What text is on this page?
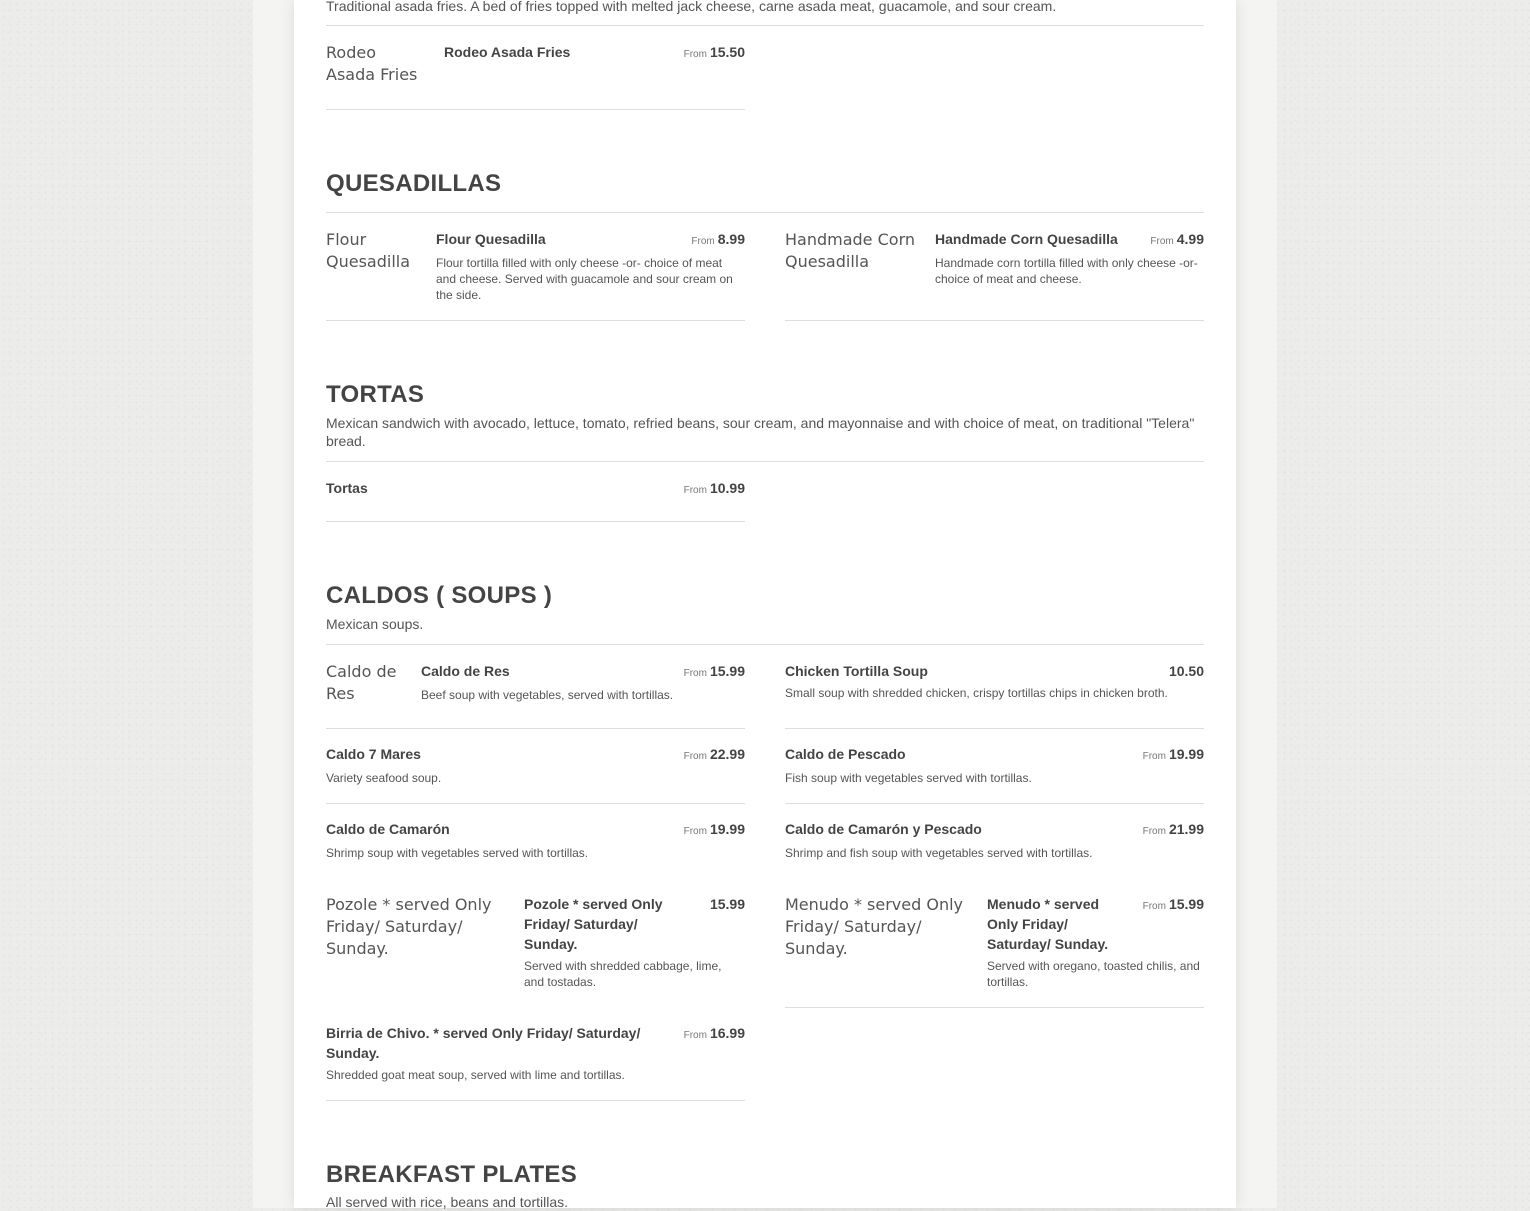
Traditional asada fries. A bed of fries topped with melted jack cheese, carne asada meat, guacamole, and sour cream.
Rodeo Asada Fries
Rodeo Asada Fries	From 15.50
QUESADILLAS
Flour Quesadilla
Flour Quesadilla	From 8.99
Flour tortilla filled with only cheese -or- choice of meat and cheese. Served with guacamole and sour cream on the side.
Handmade Corn Quesadilla
Handmade Corn Quesadilla	From 4.99
Handmade corn tortilla filled with only cheese -or- choice of meat and cheese.
TORTAS
Mexican sandwich with avocado, lettuce, tomato, refried beans, sour cream, and mayonnaise and with choice of meat, on traditional "Telera" bread.
Tortas	From 10.99
CALDOS ( SOUPS )
Mexican soups.
Caldo de Res
Caldo de Res	From 15.99
Beef soup with vegetables, served with tortillas.
Chicken Tortilla Soup	10.50
Small soup with shredded chicken, crispy tortillas chips in chicken broth.
Caldo 7 Mares	From 22.99
Variety seafood soup.
Caldo de Pescado	From 19.99
Fish soup with vegetables served with tortillas.
Caldo de Camarón	From 19.99
Shrimp soup with vegetables served with tortillas.
Caldo de Camarón y Pescado	From 21.99
Shrimp and fish soup with vegetables served with tortillas.
Pozole * served Only Friday/ Saturday/ Sunday.
Pozole * served Only Friday/ Saturday/ Sunday.
15.99
Served with shredded cabbage, lime, and tostadas.
Menudo * served Only Friday/ Saturday/ Sunday.
Menudo * served Only Friday/ Saturday/ Sunday.
From 15.99
Served with oregano, toasted chilis, and tortillas.
Birria de Chivo. * served Only Friday/ Saturday/ Sunday.
From 16.99
Shredded goat meat soup, served with lime and tortillas.
BREAKFAST PLATES
All served with rice, beans and tortillas.
